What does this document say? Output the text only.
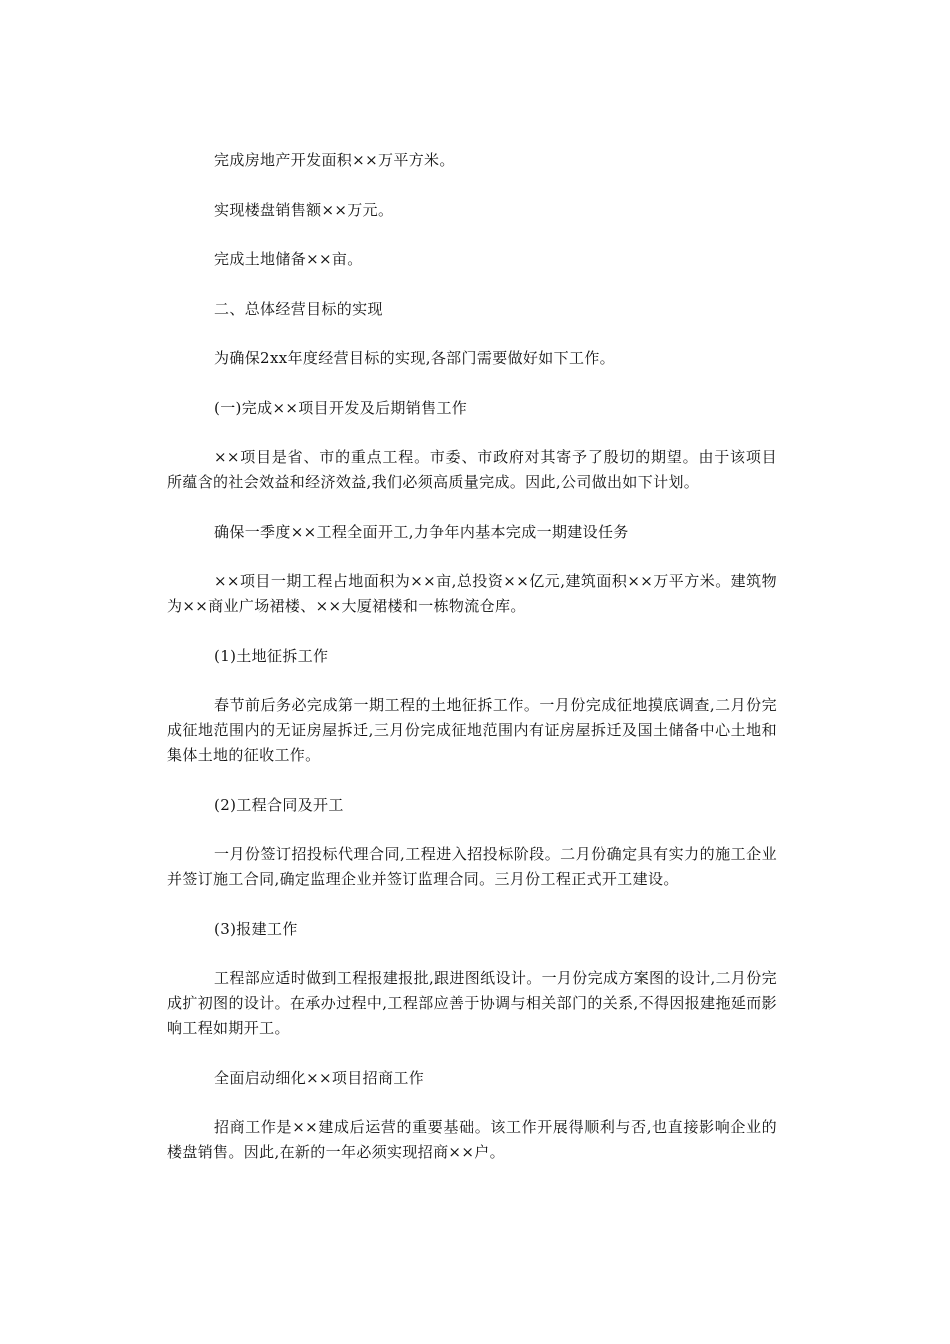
完成房地产开发面积××万平方米。

实现楼盘销售额××万元。

完成土地储备××亩。

二、总体经营目标的实现

为确保2xx年度经营目标的实现,各部门需要做好如下工作。

(一)完成××项目开发及后期销售工作

××项目是省、市的重点工程。市委、市政府对其寄予了殷切的期望。由于该项目所蕴含的社会效益和经济效益,我们必须高质量完成。因此,公司做出如下计划。

确保一季度××工程全面开工,力争年内基本完成一期建设任务

××项目一期工程占地面积为××亩,总投资××亿元,建筑面积××万平方米。建筑物为××商业广场裙楼、××大厦裙楼和一栋物流仓库。

(1)土地征拆工作

春节前后务必完成第一期工程的土地征拆工作。一月份完成征地摸底调查,二月份完成征地范围内的无证房屋拆迁,三月份完成征地范围内有证房屋拆迁及国土储备中心土地和集体土地的征收工作。

(2)工程合同及开工

一月份签订招投标代理合同,工程进入招投标阶段。二月份确定具有实力的施工企业并签订施工合同,确定监理企业并签订监理合同。三月份工程正式开工建设。

(3)报建工作

工程部应适时做到工程报建报批,跟进图纸设计。一月份完成方案图的设计,二月份完成扩初图的设计。在承办过程中,工程部应善于协调与相关部门的关系,不得因报建拖延而影响工程如期开工。

全面启动细化××项目招商工作

招商工作是××建成后运营的重要基础。该工作开展得顺利与否,也直接影响企业的楼盘销售。因此,在新的一年必须实现招商××户。
